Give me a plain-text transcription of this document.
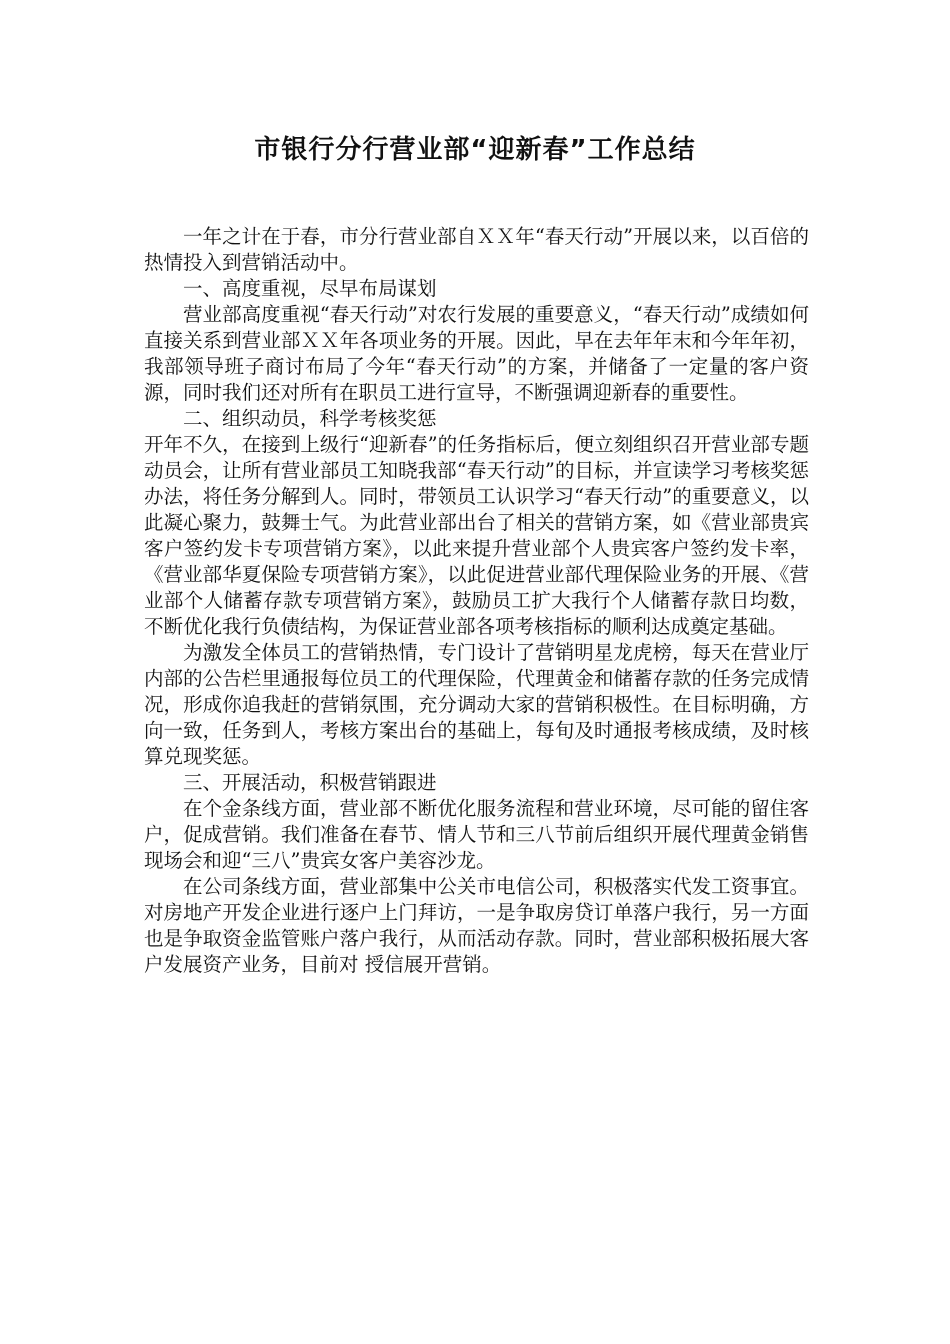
市银行分行营业部“迎新春”工作总结

一年之计在于春，市分行营业部自ＸＸ年“春天行动”开展以来，以百倍的热情投入到营销活动中。

一、高度重视，尽早布局谋划

营业部高度重视“春天行动”对农行发展的重要意义，“春天行动”成绩如何直接关系到营业部ＸＸ年各项业务的开展。因此，早在去年年末和今年年初，我部领导班子商讨布局了今年“春天行动”的方案，并储备了一定量的客户资源，同时我们还对所有在职员工进行宣导，不断强调迎新春的重要性。

二、组织动员，科学考核奖惩

开年不久，在接到上级行“迎新春”的任务指标后，便立刻组织召开营业部专题动员会，让所有营业部员工知晓我部“春天行动”的目标，并宣读学习考核奖惩办法，将任务分解到人。同时，带领员工认识学习“春天行动”的重要意义，以此凝心聚力，鼓舞士气。为此营业部出台了相关的营销方案，如《营业部贵宾客户签约发卡专项营销方案》，以此来提升营业部个人贵宾客户签约发卡率，《营业部华夏保险专项营销方案》，以此促进营业部代理保险业务的开展、《营业部个人储蓄存款专项营销方案》，鼓励员工扩大我行个人储蓄存款日均数，不断优化我行负债结构，为保证营业部各项考核指标的顺利达成奠定基础。

为激发全体员工的营销热情，专门设计了营销明星龙虎榜，每天在营业厅内部的公告栏里通报每位员工的代理保险，代理黄金和储蓄存款的任务完成情况，形成你追我赶的营销氛围，充分调动大家的营销积极性。在目标明确，方向一致，任务到人，考核方案出台的基础上，每旬及时通报考核成绩，及时核算兑现奖惩。

三、开展活动，积极营销跟进

在个金条线方面，营业部不断优化服务流程和营业环境，尽可能的留住客户，促成营销。我们准备在春节、情人节和三八节前后组织开展代理黄金销售现场会和迎“三八”贵宾女客户美容沙龙。

在公司条线方面，营业部集中公关市电信公司，积极落实代发工资事宜。对房地产开发企业进行逐户上门拜访，一是争取房贷订单落户我行，另一方面也是争取资金监管账户落户我行，从而活动存款。同时，营业部积极拓展大客户发展资产业务，目前对 授信展开营销。
